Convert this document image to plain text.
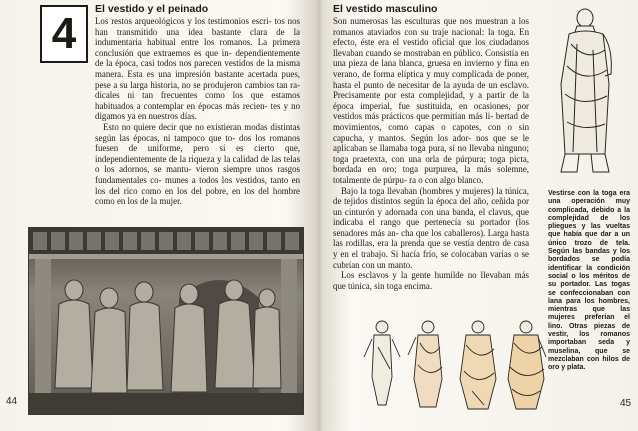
4 El vestido y el peinado

Los restos arqueológicos y los testimonios escri- tos nos han transmitido una idea bastante clara de la indumentaria habitual entre los romanos. La primera conclusión que extraemos es que in- dependientemente de la época, casi todos nos parecen vestidos de la misma manera. Esta es una impresión bastante acertada pues, pese a su larga historia, no se produjeron cambios tan ra- dicales ni tan frecuentes como los que estamos habituados a contemplar en épocas más recien- tes y no digamos ya en nuestros días.

Esto no quiere decir que no existieran modas distintas según las épocas, ni tampoco que to- dos los romanos fuesen de uniforme, pero sí es cierto que, independientemente de la riqueza y la calidad de las telas o los adornos, se mantu- vieron siempre unos rasgos fundamentales co- munes a todos los vestidos, tanto en los del rico como en los del pobre, en los del hombre como en los de la mujer.

El vestido masculino

Son numerosas las esculturas que nos muestran a los romanos ataviados con su traje nacional: la toga. En efecto, éste era el vestido oficial que los ciudadanos llevaban cuando se mostraban en público. Consistía en una pieza de lana blanca, gruesa en invierno y fina en verano, de forma elíptica y muy complicada de poner, hasta el punto de necesitar de la ayuda de un esclavo. Precisamente por esta complejidad, y a partir de la época imperial, fue sustituida, en ocasiones, por vestidos más prácticos que permitían más li- bertad de movimientos, como capas o capotes, con o sin capucha, y mantos. Según los ador- nos que se le aplicaban se llamaba toga pura, si no llevaba ninguno; toga praetexta, con una orla de púrpura; toga picta, bordada en oro; toga purpurea, la más solemne, totalmente de púrpu- ra o con algo blanco.

Bajo la toga llevaban (hombres y mujeres) la túnica, de tejidos distintos según la época del año, ceñida por un cinturón y adornada con una banda, el clavus, que indicaba el rango que pertenecía su portador (los senadores más an- cha que los caballeros). Larga hasta las rodillas, era la prenda que se vestía dentro de casa y en el trabajo. Si hacía frío, se colocaban varias o se cubrían con un manto.

Los esclavos y la gente humilde no llevaban más que túnica, sin toga encima.

Vestirse con la toga era una operación muy complicada, debido a la complejidad de los pliegues y las vueltas que había que dar a un único trozo de tela. Según las bandas y los bordados se podía identificar la condición social o los méritos de su portador. Las togas se confeccionaban con lana para los hombres, mientras que las mujeres preferían el lino. Otras piezas de vestir, los romanos importaban seda y muselina, que se mezclaban con hilos de oro y plata.
44	45
